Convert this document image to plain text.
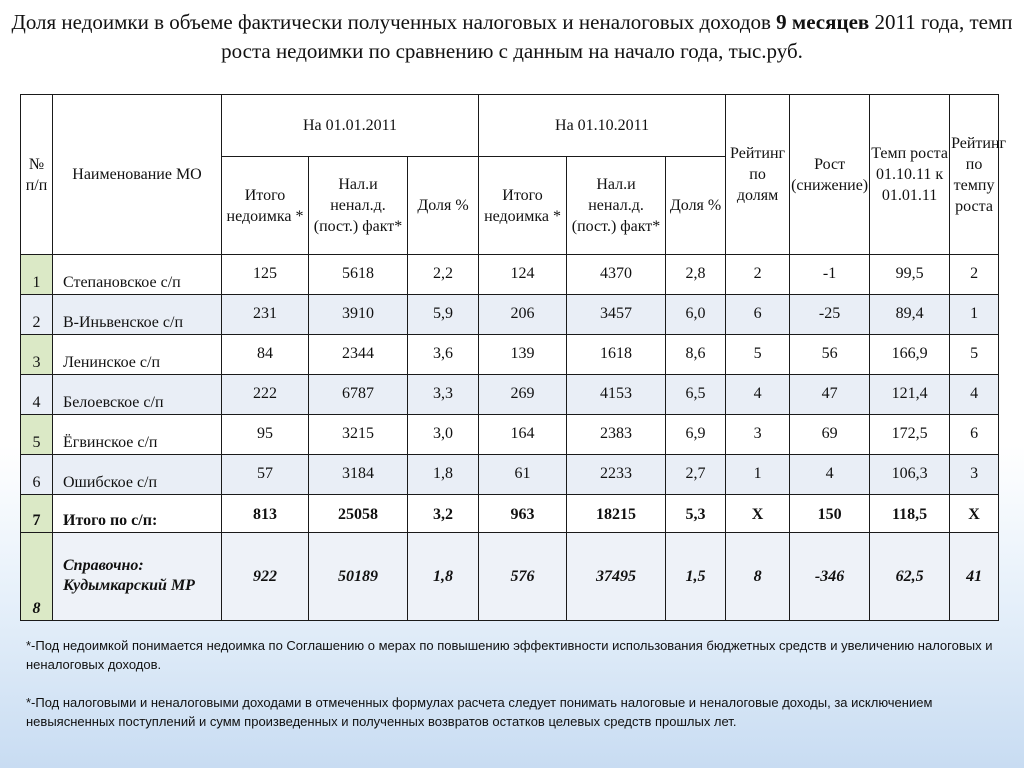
Доля недоимки в объеме фактически полученных налоговых и неналоговых доходов 9 месяцев 2011 года, темп роста недоимки по сравнению с данным на начало года, тыс.руб.
№ п/п	Наименование МО	На 01.01.2011			На 01.10.2011			Рейтинг по долям	Рост (снижение)	Темп роста 01.10.11 к 01.01.11	Рейтинг по темпу роста
		Итого недоимка *	Нал.и ненал.д. (пост.) факт*	Доля %	Итого недоимка *	Нал.и ненал.д. (пост.) факт*	Доля %				
1	Степановское с/п	125	5618	2,2	124	4370	2,8	2	-1	99,5	2
2	В-Иньвенское с/п	231	3910	5,9	206	3457	6,0	6	-25	89,4	1
3	Ленинское с/п	84	2344	3,6	139	1618	8,6	5	56	166,9	5
4	Белоевское с/п	222	6787	3,3	269	4153	6,5	4	47	121,4	4
5	Ёгвинское с/п	95	3215	3,0	164	2383	6,9	3	69	172,5	6
6	Ошибское с/п	57	3184	1,8	61	2233	2,7	1	4	106,3	3
7	Итого по с/п:	813	25058	3,2	963	18215	5,3	Х	150	118,5	Х
8	Справочно: Кудымкарский МР	922	50189	1,8	576	37495	1,5	8	-346	62,5	41

*-Под недоимкой понимается недоимка по Соглашению о мерах по повышению эффективности использования бюджетных средств и увеличению налоговых и неналоговых доходов.

*-Под налоговыми и неналоговыми доходами в отмеченных формулах расчета следует понимать налоговые и неналоговые доходы, за исключением невыясненных поступлений и сумм произведенных и полученных возвратов остатков целевых средств прошлых лет.
